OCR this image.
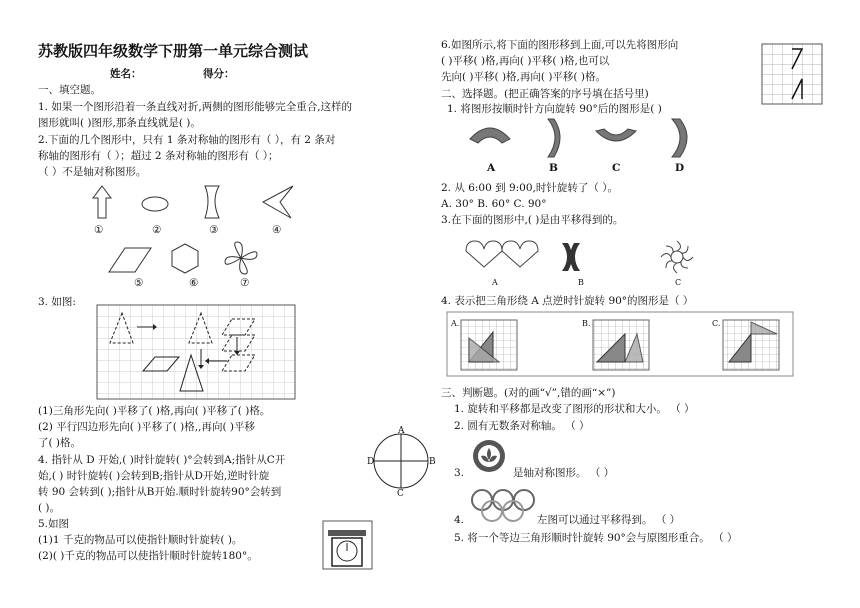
苏教版四年级数学下册第一单元综合测试
姓名：	得分：
一、填空题。
1. 如果一个图形沿着一条直线对折,两侧的图形能够完全重合,这样的
图形就叫( )图形,那条直线就是( )。
2.下面的几个图形中，只有 1 条对称轴的图形有（ ），有 2 条对
称轴的图形有（ ）；超过 2 条对称轴的图形有（ ）；
（ ）不是轴对称图形。
①	②	③	④
⑤	⑥	⑦
3. 如图:
(1)三角形先向( )平移了( )格,再向( )平移了( )格。
(2) 平行四边形先向( )平移了( )格,,再向( )平移
了( )格。
4. 指针从 D 开始,( )时针旋转( )°会转到A;指针从C开
始,( ) 时针旋转( )会转到B;指针从D开始,逆时针旋
转 90 会转到( );指针从B开始.顺时针旋转90°会转到
( )。
A
B
C
D
5.如图
(1)1 千克的物品可以使指针顺时针旋转( )。
(2)( )千克的物品可以使指针顺时针旋转180°。
6.如图所示,将下面的图形移到上面,可以先将图形向
( )平移( )格,再向( )平移( )格,也可以
先向( )平移( )格,再向( )平移( )格。
二、选择题。(把正确答案的序号填在括号里)
1. 将图形按顺时针方向旋转 90°后的图形是( )
A	B	C	D
2. 从 6:00 到 9:00,时针旋转了（ ）。
A. 30° B. 60° C. 90°
3.在下面的图形中,( )是由平移得到的。
A	B	C
4. 表示把三角形绕 A 点逆时针旋转 90°的图形是（ ）
A.	B.	C.
三、判断题。(对的画“√”,错的画“×”)
1. 旋转和平移都是改变了图形的形状和大小。 （ ）
2. 圆有无数条对称轴。 （ ）
3.	是轴对称图形。 （ ）
4.	左图可以通过平移得到。 （ ）
5. 将一个等边三角形顺时针旋转 90°会与原图形重合。 （ ）
